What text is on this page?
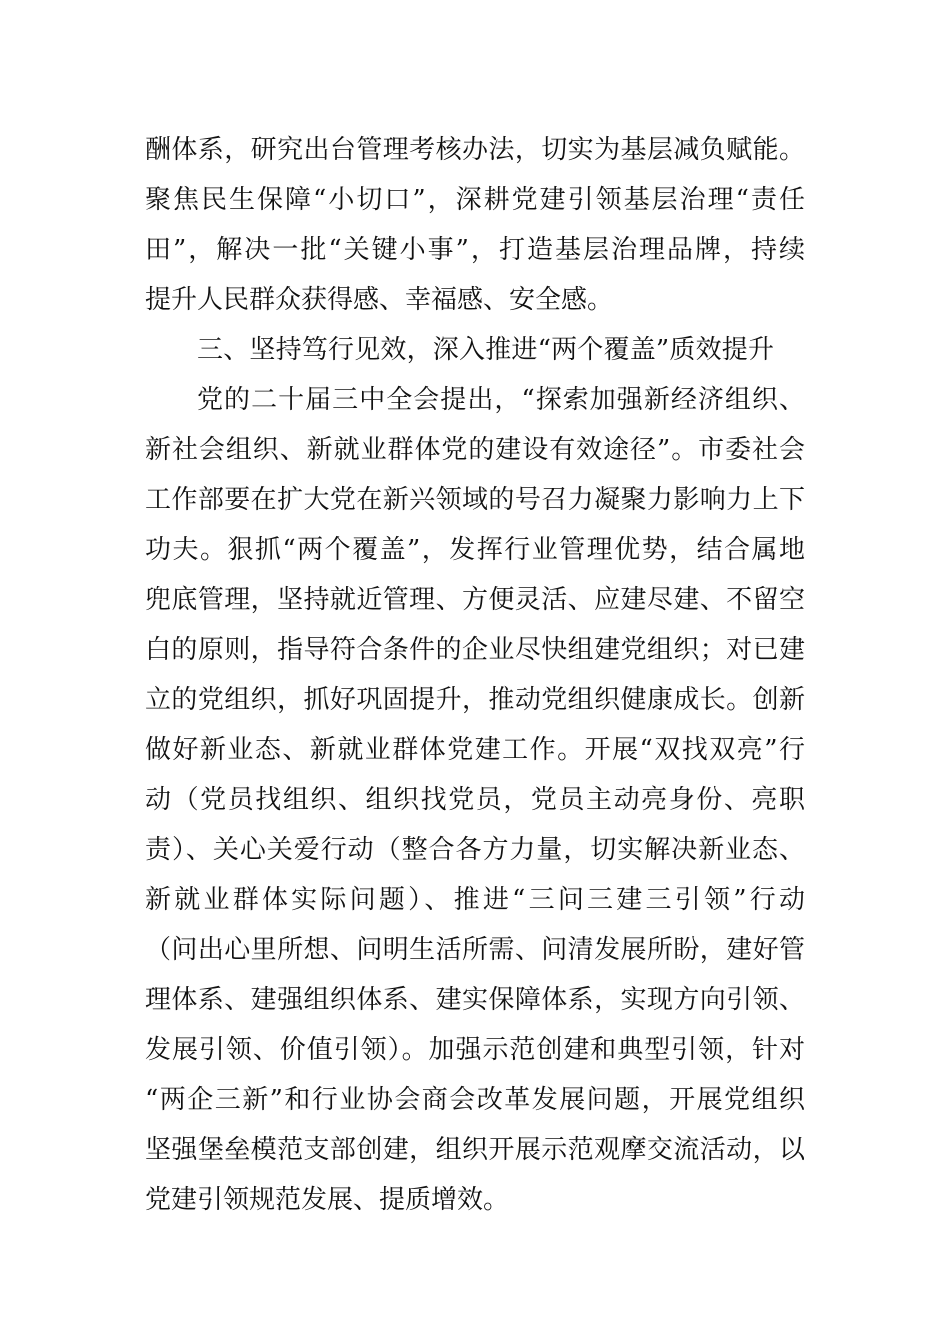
酬体系，研究出台管理考核办法，切实为基层减负赋能。
聚焦民生保障“小切口”，深耕党建引领基层治理“责任
田”，解决一批“关键小事”，打造基层治理品牌，持续
提升人民群众获得感、幸福感、安全感。
三、坚持笃行见效，深入推进“两个覆盖”质效提升
党的二十届三中全会提出，“探索加强新经济组织、
新社会组织、新就业群体党的建设有效途径”。市委社会
工作部要在扩大党在新兴领域的号召力凝聚力影响力上下
功夫。狠抓“两个覆盖”，发挥行业管理优势，结合属地
兜底管理，坚持就近管理、方便灵活、应建尽建、不留空
白的原则，指导符合条件的企业尽快组建党组织；对已建
立的党组织，抓好巩固提升，推动党组织健康成长。创新
做好新业态、新就业群体党建工作。开展“双找双亮”行
动（党员找组织、组织找党员，党员主动亮身份、亮职
责）、关心关爱行动（整合各方力量，切实解决新业态、
新就业群体实际问题）、推进“三问三建三引领”行动
（问出心里所想、问明生活所需、问清发展所盼，建好管
理体系、建强组织体系、建实保障体系，实现方向引领、
发展引领、价值引领）。加强示范创建和典型引领，针对
“两企三新”和行业协会商会改革发展问题，开展党组织
坚强堡垒模范支部创建，组织开展示范观摩交流活动，以
党建引领规范发展、提质增效。
